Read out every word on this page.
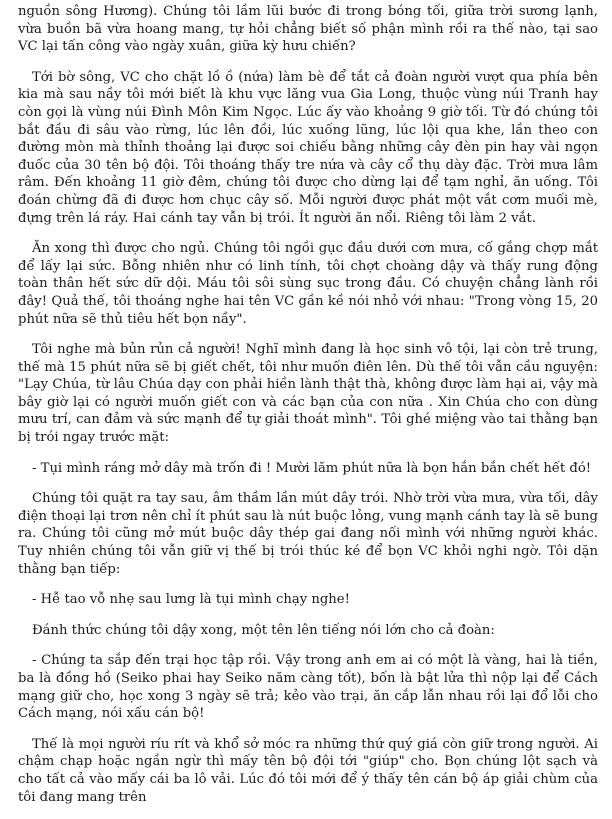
nguồn sông Hương). Chúng tôi lầm lũi bước đi trong bóng tối, giữa trời sương lạnh, vừa buồn bã vừa hoang mang, tự hỏi chẳng biết số phận mình rồi ra thế nào, tại sao VC lại tấn công vào ngày xuân, giữa kỳ hưu chiến?

Tới bờ sông, VC cho chặt lồ ồ (nứa) làm bè để tắt cả đoàn người vượt qua phía bên kia mà sau nầy tôi mới biết là khu vực lăng vua Gia Long, thuộc vùng núi Tranh hay còn gọi là vùng núi Đình Môn Kim Ngọc. Lúc ấy vào khoảng 9 giờ tối. Từ đó chúng tôi bắt đầu đi sâu vào rừng, lúc lên đồi, lúc xuống lũng, lúc lội qua khe, lần theo con đường mòn mà thỉnh thoảng lại được soi chiếu bằng những cây đèn pin hay vài ngọn đuốc của 30 tên bộ đội. Tôi thoáng thấy tre nứa và cây cổ thụ dày đặc. Trời mưa lâm râm. Đến khoảng 11 giờ đêm, chúng tôi được cho dừng lại để tạm nghỉ, ăn uống. Tôi đoán chừng đã đi được hơn chục cây số. Mỗi người được phát một vắt cơm muối mè, đựng trên lá ráy. Hai cánh tay vẫn bị trói. Ít người ăn nổi. Riêng tôi làm 2 vắt.

Ăn xong thì được cho ngủ. Chúng tôi ngồi gục đầu dưới cơn mưa, cố gắng chợp mắt để lấy lại sức. Bỗng nhiên như có linh tính, tôi chợt choàng dậy và thấy rung động toàn thân hết sức dữ dội. Máu tôi sôi sùng sục trong đầu. Có chuyện chẳng lành rồi đây! Quả thế, tôi thoáng nghe hai tên VC gần kề nói nhỏ với nhau: "Trong vòng 15, 20 phút nữa sẽ thủ tiêu hết bọn nầy".

Tôi nghe mà bủn rủn cả người! Nghĩ mình đang là học sinh vô tội, lại còn trẻ trung, thế mà 15 phút nữa sẽ bị giết chết, tôi như muốn điên lên. Dù thế tôi vẫn cầu nguyện: "Lạy Chúa, từ lâu Chúa dạy con phải hiền lành thật thà, không được làm hại ai, vậy mà bây giờ lại có người muốn giết con và các bạn của con nữa . Xin Chúa cho con dùng mưu trí, can đảm và sức mạnh để tự giải thoát mình". Tôi ghé miệng vào tai thằng bạn bị trói ngay trước mặt:

- Tụi mình ráng mở dây mà trốn đi ! Mười lăm phút nữa là bọn hắn bắn chết hết đó!

Chúng tôi quặt ra tay sau, âm thầm lần mút dây trói. Nhờ trời vừa mưa, vừa tối, dây điện thoại lại trơn nên chỉ ít phút sau là nút buộc lỏng, vung mạnh cánh tay là sẽ bung ra. Chúng tôi cũng mở mút buộc dây thép gai đang nối mình với những người khác. Tuy nhiên chúng tôi vẫn giữ vị thế bị trói thúc ké để bọn VC khỏi nghi ngờ. Tôi dặn thằng bạn tiếp:

- Hễ tao vỗ nhẹ sau lưng là tụi mình chạy nghe!

Đánh thức chúng tôi dậy xong, một tên lên tiếng nói lớn cho cả đoàn:

- Chúng ta sắp đến trại học tập rồi. Vậy trong anh em ai có một là vàng, hai là tiền, ba là đồng hồ (Seiko phai hay Seiko năm càng tốt), bốn là bật lửa thì nộp lại để Cách mạng giữ cho, học xong 3 ngày sẽ trả; kẻo vào trại, ăn cắp lẫn nhau rồi lại đổ lỗi cho Cách mạng, nói xấu cán bộ!

Thế là mọi người ríu rít và khổ sở móc ra những thứ quý giá còn giữ trong người. Ai chậm chạp hoặc ngần ngừ thì mấy tên bộ đội tới "giúp" cho. Bọn chúng lột sạch và cho tất cả vào mấy cái ba lô vải. Lúc đó tôi mới để ý thấy tên cán bộ áp giải chùm của tôi đang mang trên
